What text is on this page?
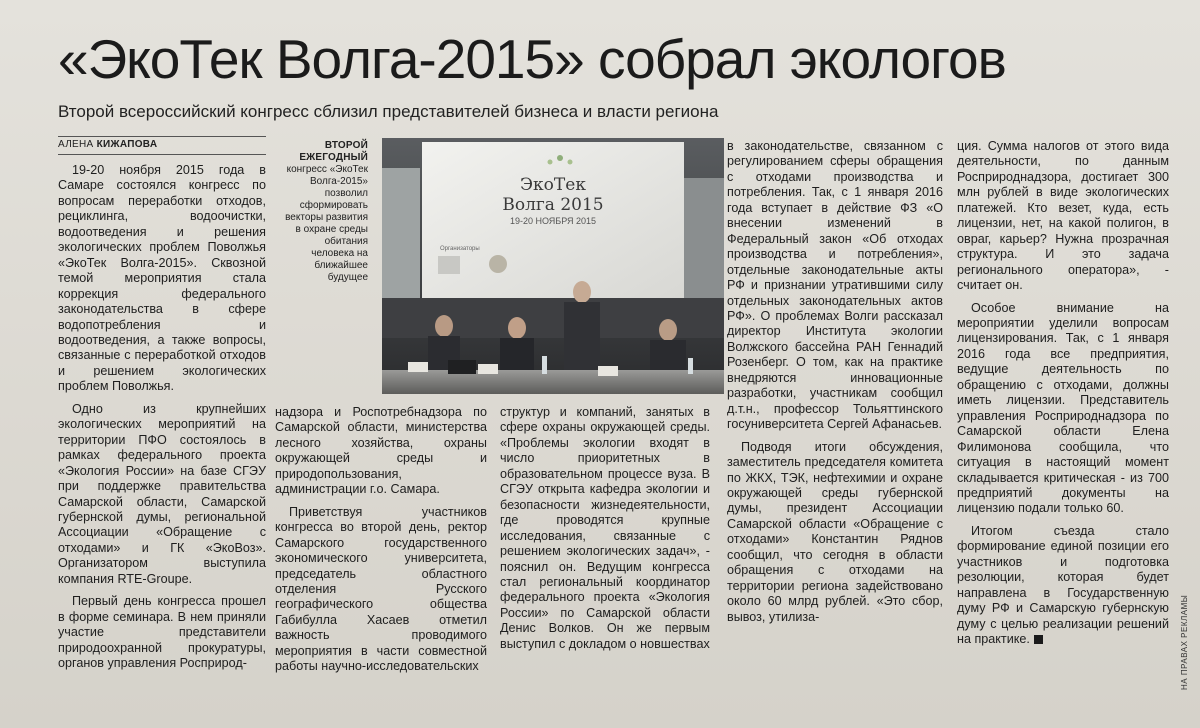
«ЭкоТек Волга-2015» собрал экологов
Второй всероссийский конгресс сблизил представителей бизнеса и власти региона
АЛЕНА КИЖАПОВА

19-20 ноября 2015 года в Самаре состоялся конгресс по вопросам переработки отходов, рециклинга, водоочистки, водоотведения и решения экологических проблем Поволжья «ЭкоТек Волга-2015». Сквозной темой мероприятия стала коррекция федерального законодательства в сфере водопотребления и водоотведения, а также вопросы, связанные с переработкой отходов и решением экологических проблем Поволжья.

Одно из крупнейших экологических мероприятий на территории ПФО состоялось в рамках федерального проекта «Экология России» на базе СГЭУ при поддержке правительства Самарской области, Самарской губернской думы, региональной Ассоциации «Обращение с отходами» и ГК «ЭкоВоз». Организатором выступила компания RTE-Groupe.

Первый день конгресса прошел в форме семинара. В нем приняли участие представители природоохранной прокуратуры, органов управления Росприрод-

ВТОРОЙ
ЕЖЕГОДНЫЙ
конгресс «ЭкоТек Волга-2015» позволил сформировать векторы развития в охране среды обитания человека на ближайшее будущее
ЭкоТек
Волга 2015
19-20 НОЯБРЯ 2015
Организаторы

надзора и Роспотребнадзора по Самарской области, министерства лесного хозяйства, охраны окружающей среды и природопользования, администрации г.о. Самара.

Приветствуя участников конгресса во второй день, ректор Самарского государственного экономического университета, председатель областного отделения Русского географического общества Габибулла Хасаев отметил важность проводимого мероприятия в части совместной работы научно-исследовательских

структур и компаний, занятых в сфере охраны окружающей среды. «Проблемы экологии входят в число приоритетных в образовательном процессе вуза. В СГЭУ открыта кафедра экологии и безопасности жизнедеятельности, где проводятся крупные исследования, связанные с решением экологических задач», - пояснил он. Ведущим конгресса стал региональный координатор федерального проекта «Экология России» по Самарской области Денис Волков. Он же первым выступил с докладом о новшествах

в законодательстве, связанном с регулированием сферы обращения с отходами производства и потребления. Так, с 1 января 2016 года вступает в действие ФЗ «О внесении изменений в Федеральный закон «Об отходах производства и потребления», отдельные законодательные акты РФ и признании утратившими силу отдельных законодательных актов РФ». О проблемах Волги рассказал директор Института экологии Волжского бассейна РАН Геннадий Розенберг. О том, как на практике внедряются инновационные разработки, участникам сообщил д.т.н., профессор Тольяттинского госуниверситета Сергей Афанасьев.

Подводя итоги обсуждения, заместитель председателя комитета по ЖКХ, ТЭК, нефтехимии и охране окружающей среды губернской думы, президент Ассоциации Самарской области «Обращение с отходами» Константин Ряднов сообщил, что сегодня в области обращения с отходами на территории региона задействовано около 60 млрд рублей. «Это сбор, вывоз, утилиза-

ция. Сумма налогов от этого вида деятельности, по данным Росприроднадзора, достигает 300 млн рублей в виде экологических платежей. Кто везет, куда, есть лицензии, нет, на какой полигон, в овраг, карьер? Нужна прозрачная структура. И это задача регионального оператора», - считает он.

Особое внимание на мероприятии уделили вопросам лицензирования. Так, с 1 января 2016 года все предприятия, ведущие деятельность по обращению с отходами, должны иметь лицензии. Представитель управления Росприроднадзора по Самарской области Елена Филимонова сообщила, что ситуация в настоящий момент складывается критическая - из 700 предприятий документы на лицензию подали только 60.

Итогом съезда стало формирование единой позиции его участников и подготовка резолюции, которая будет направлена в Государственную думу РФ и Самарскую губернскую думу с целью реализации решений на практике.	НА ПРАВАХ РЕКЛАМЫ
